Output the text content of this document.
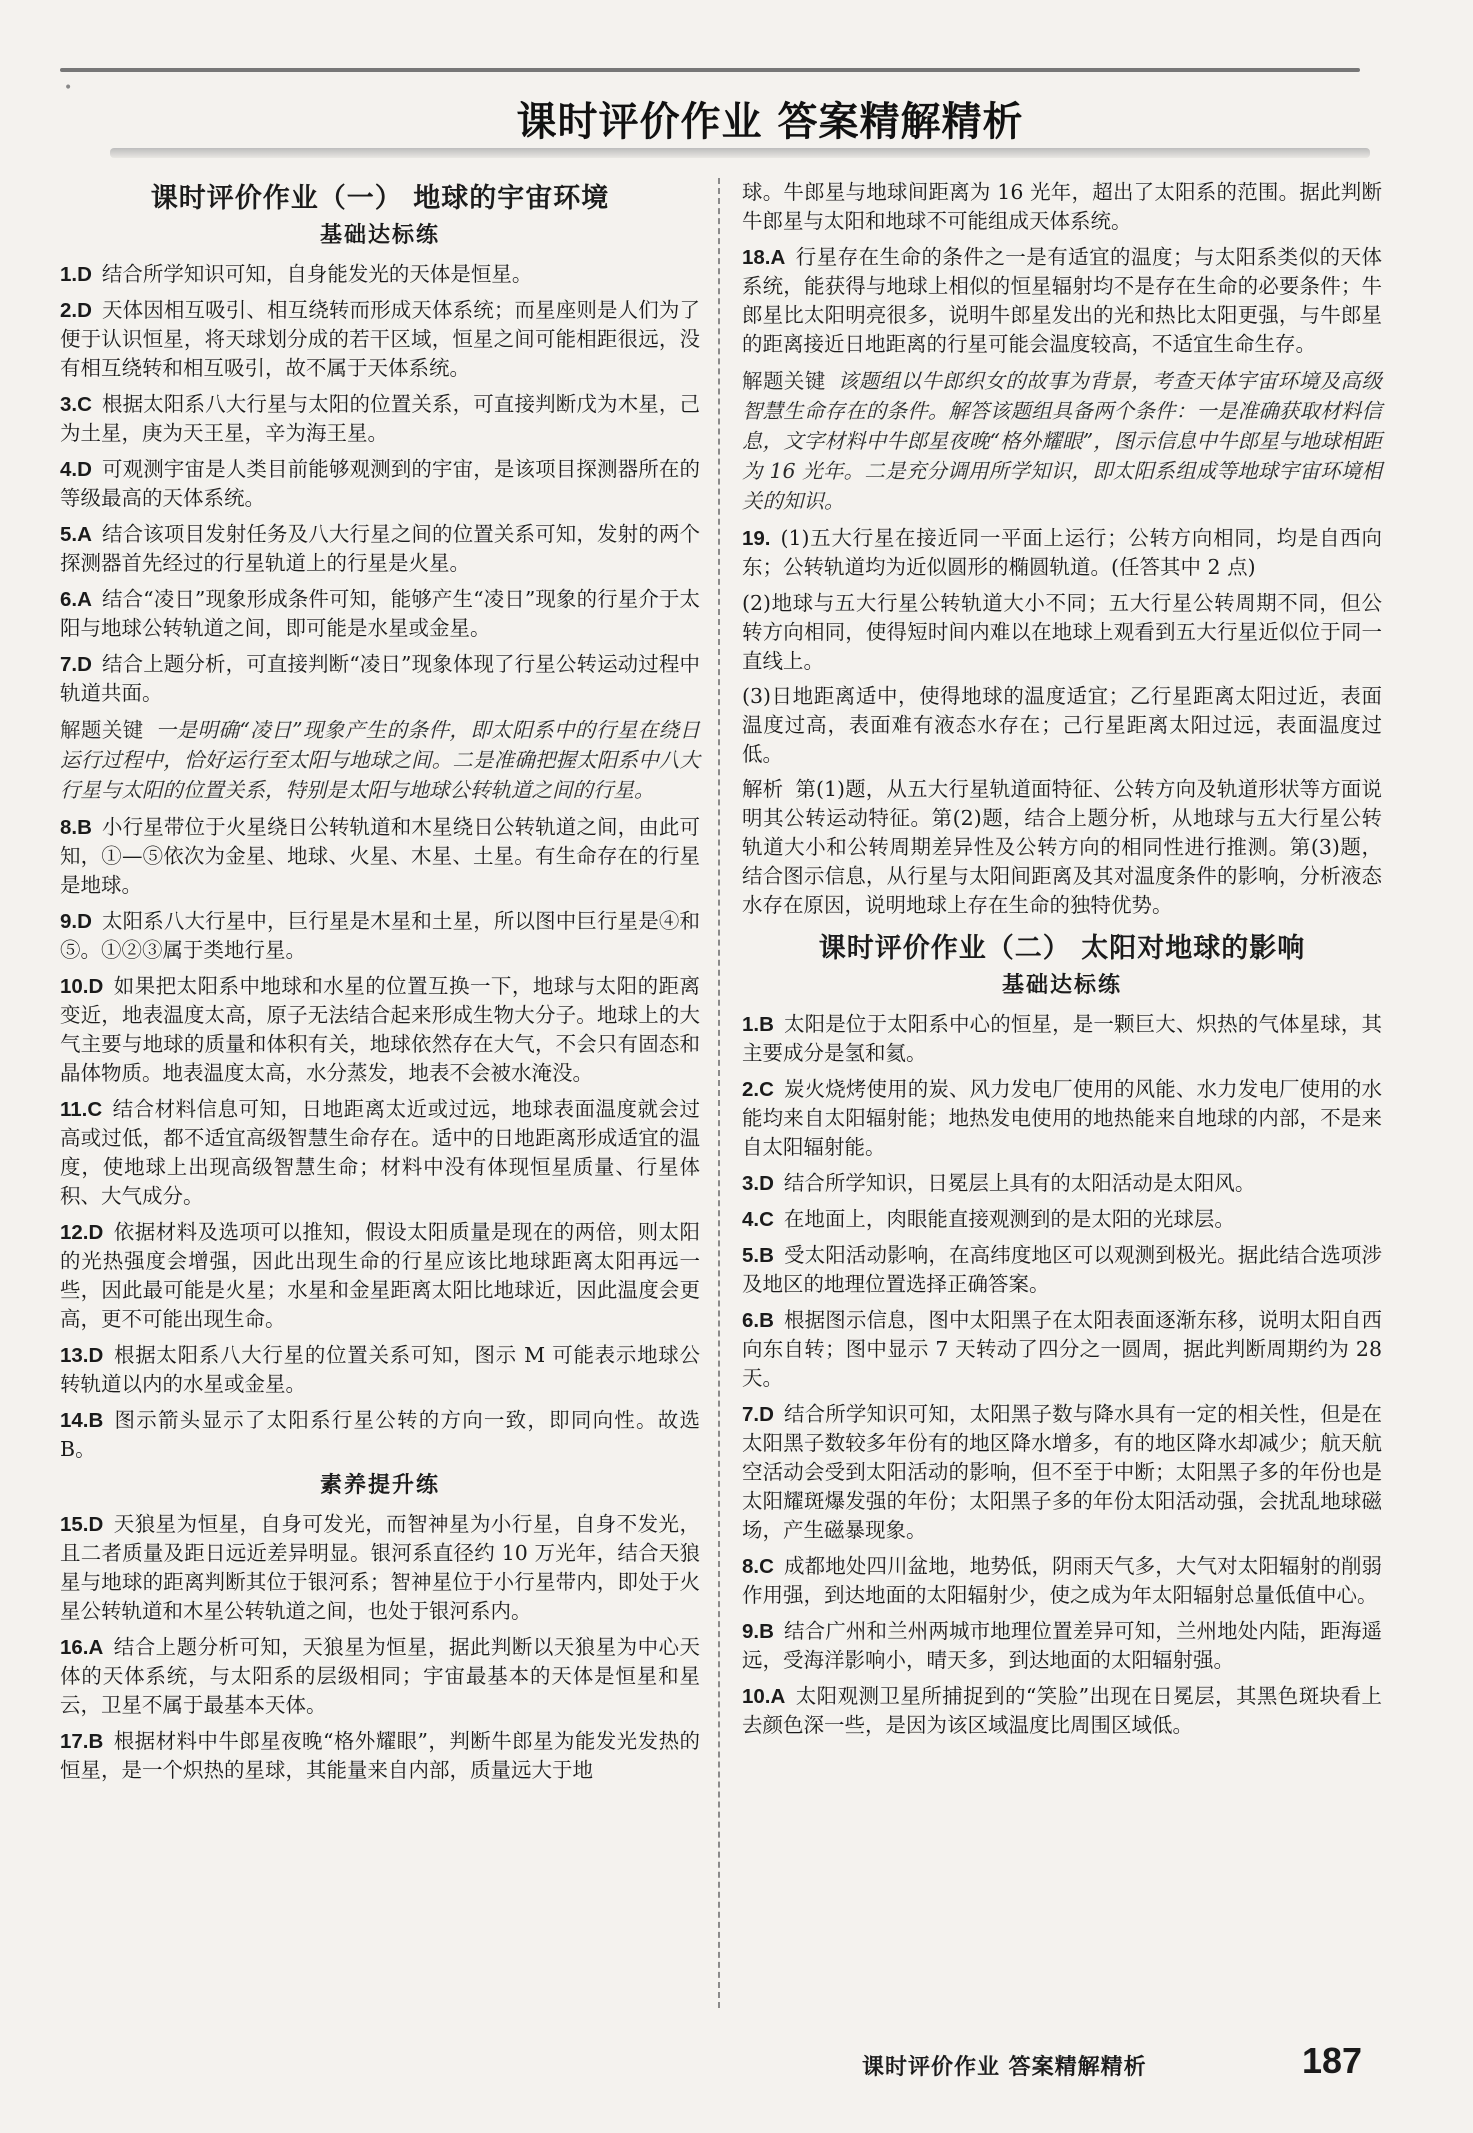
•
课时评价作业 答案精解精析
课时评价作业（一） 地球的宇宙环境
基础达标练
1.D 结合所学知识可知，自身能发光的天体是恒星。
2.D 天体因相互吸引、相互绕转而形成天体系统；而星座则是人们为了便于认识恒星，将天球划分成的若干区域，恒星之间可能相距很远，没有相互绕转和相互吸引，故不属于天体系统。
3.C 根据太阳系八大行星与太阳的位置关系，可直接判断戊为木星，己为土星，庚为天王星，辛为海王星。
4.D 可观测宇宙是人类目前能够观测到的宇宙，是该项目探测器所在的等级最高的天体系统。
5.A 结合该项目发射任务及八大行星之间的位置关系可知，发射的两个探测器首先经过的行星轨道上的行星是火星。
6.A 结合“凌日”现象形成条件可知，能够产生“凌日”现象的行星介于太阳与地球公转轨道之间，即可能是水星或金星。
7.D 结合上题分析，可直接判断“凌日”现象体现了行星公转运动过程中轨道共面。
解题关键 一是明确“凌日”现象产生的条件，即太阳系中的行星在绕日运行过程中，恰好运行至太阳与地球之间。二是准确把握太阳系中八大行星与太阳的位置关系，特别是太阳与地球公转轨道之间的行星。
8.B 小行星带位于火星绕日公转轨道和木星绕日公转轨道之间，由此可知，①—⑤依次为金星、地球、火星、木星、土星。有生命存在的行星是地球。
9.D 太阳系八大行星中，巨行星是木星和土星，所以图中巨行星是④和⑤。①②③属于类地行星。
10.D 如果把太阳系中地球和水星的位置互换一下，地球与太阳的距离变近，地表温度太高，原子无法结合起来形成生物大分子。地球上的大气主要与地球的质量和体积有关，地球依然存在大气，不会只有固态和晶体物质。地表温度太高，水分蒸发，地表不会被水淹没。
11.C 结合材料信息可知，日地距离太近或过远，地球表面温度就会过高或过低，都不适宜高级智慧生命存在。适中的日地距离形成适宜的温度，使地球上出现高级智慧生命；材料中没有体现恒星质量、行星体积、大气成分。
12.D 依据材料及选项可以推知，假设太阳质量是现在的两倍，则太阳的光热强度会增强，因此出现生命的行星应该比地球距离太阳再远一些，因此最可能是火星；水星和金星距离太阳比地球近，因此温度会更高，更不可能出现生命。
13.D 根据太阳系八大行星的位置关系可知，图示 M 可能表示地球公转轨道以内的水星或金星。
14.B 图示箭头显示了太阳系行星公转的方向一致，即同向性。故选 B。
素养提升练
15.D 天狼星为恒星，自身可发光，而智神星为小行星，自身不发光，且二者质量及距日远近差异明显。银河系直径约 10 万光年，结合天狼星与地球的距离判断其位于银河系；智神星位于小行星带内，即处于火星公转轨道和木星公转轨道之间，也处于银河系内。
16.A 结合上题分析可知，天狼星为恒星，据此判断以天狼星为中心天体的天体系统，与太阳系的层级相同；宇宙最基本的天体是恒星和星云，卫星不属于最基本天体。
17.B 根据材料中牛郎星夜晚“格外耀眼”，判断牛郎星为能发光发热的恒星，是一个炽热的星球，其能量来自内部，质量远大于地
球。牛郎星与地球间距离为 16 光年，超出了太阳系的范围。据此判断牛郎星与太阳和地球不可能组成天体系统。
18.A 行星存在生命的条件之一是有适宜的温度；与太阳系类似的天体系统，能获得与地球上相似的恒星辐射均不是存在生命的必要条件；牛郎星比太阳明亮很多，说明牛郎星发出的光和热比太阳更强，与牛郎星的距离接近日地距离的行星可能会温度较高，不适宜生命生存。
解题关键 该题组以牛郎织女的故事为背景，考查天体宇宙环境及高级智慧生命存在的条件。解答该题组具备两个条件：一是准确获取材料信息，文字材料中牛郎星夜晚“格外耀眼”，图示信息中牛郎星与地球相距为 16 光年。二是充分调用所学知识，即太阳系组成等地球宇宙环境相关的知识。
19. (1)五大行星在接近同一平面上运行；公转方向相同，均是自西向东；公转轨道均为近似圆形的椭圆轨道。(任答其中 2 点)
(2)地球与五大行星公转轨道大小不同；五大行星公转周期不同，但公转方向相同，使得短时间内难以在地球上观看到五大行星近似位于同一直线上。
(3)日地距离适中，使得地球的温度适宜；乙行星距离太阳过近，表面温度过高，表面难有液态水存在；己行星距离太阳过远，表面温度过低。
解析 第(1)题，从五大行星轨道面特征、公转方向及轨道形状等方面说明其公转运动特征。第(2)题，结合上题分析，从地球与五大行星公转轨道大小和公转周期差异性及公转方向的相同性进行推测。第(3)题，结合图示信息，从行星与太阳间距离及其对温度条件的影响，分析液态水存在原因，说明地球上存在生命的独特优势。
课时评价作业（二） 太阳对地球的影响
基础达标练
1.B 太阳是位于太阳系中心的恒星，是一颗巨大、炽热的气体星球，其主要成分是氢和氦。
2.C 炭火烧烤使用的炭、风力发电厂使用的风能、水力发电厂使用的水能均来自太阳辐射能；地热发电使用的地热能来自地球的内部，不是来自太阳辐射能。
3.D 结合所学知识，日冕层上具有的太阳活动是太阳风。
4.C 在地面上，肉眼能直接观测到的是太阳的光球层。
5.B 受太阳活动影响，在高纬度地区可以观测到极光。据此结合选项涉及地区的地理位置选择正确答案。
6.B 根据图示信息，图中太阳黑子在太阳表面逐渐东移，说明太阳自西向东自转；图中显示 7 天转动了四分之一圆周，据此判断周期约为 28 天。
7.D 结合所学知识可知，太阳黑子数与降水具有一定的相关性，但是在太阳黑子数较多年份有的地区降水增多，有的地区降水却减少；航天航空活动会受到太阳活动的影响，但不至于中断；太阳黑子多的年份也是太阳耀斑爆发强的年份；太阳黑子多的年份太阳活动强，会扰乱地球磁场，产生磁暴现象。
8.C 成都地处四川盆地，地势低，阴雨天气多，大气对太阳辐射的削弱作用强，到达地面的太阳辐射少，使之成为年太阳辐射总量低值中心。
9.B 结合广州和兰州两城市地理位置差异可知，兰州地处内陆，距海遥远，受海洋影响小，晴天多，到达地面的太阳辐射强。
10.A 太阳观测卫星所捕捉到的“笑脸”出现在日冕层，其黑色斑块看上去颜色深一些，是因为该区域温度比周围区域低。
课时评价作业 答案精解精析	187
